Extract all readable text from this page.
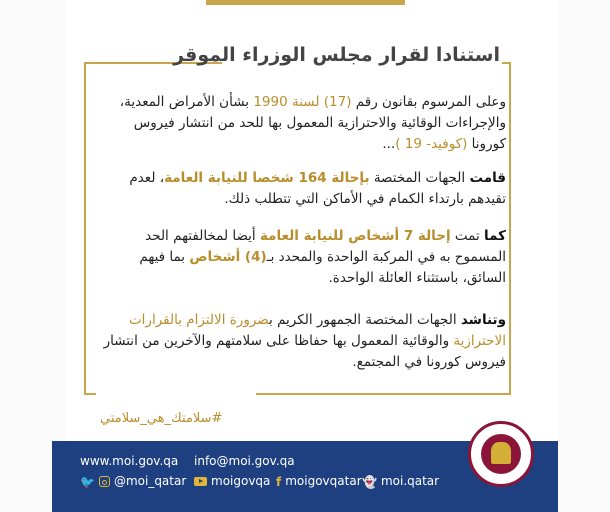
استنادا لقرار مجلس الوزراء الموقر

وعلى المرسوم بقانون رقم (17) لسنة 1990 بشأن الأمراض المعدية، والإجراءات الوقائية والاحترازية المعمول بها للحد من انتشار فيروس كورونا (كوفيد- 19 )...

قامت الجهات المختصة بإحالة 164 شخصا للنيابة العامة، لعدم تقيدهم بارتداء الكمام في الأماكن التي تتطلب ذلك.

كما تمت إحالة 7 أشخاص للنيابة العامة أيضا لمخالفتهم الحد المسموح به في المركبة الواحدة والمحدد بـ(4) أشخاص بما فيهم السائق، باستثناء العائلة الواحدة.

وتناشد الجهات المختصة الجمهور الكريم بضرورة الالتزام بالقرارات الاحترازية والوقائية المعمول بها حفاظا على سلامتهم والآخرين من انتشار فيروس كورونا في المجتمع.

#سلامتك_هي_سلامتي
www.moi.gov.qa info@moi.gov.qa
🐦 @moi_qatar	moigovqa f moigovqatar 👻 moi.qatar
